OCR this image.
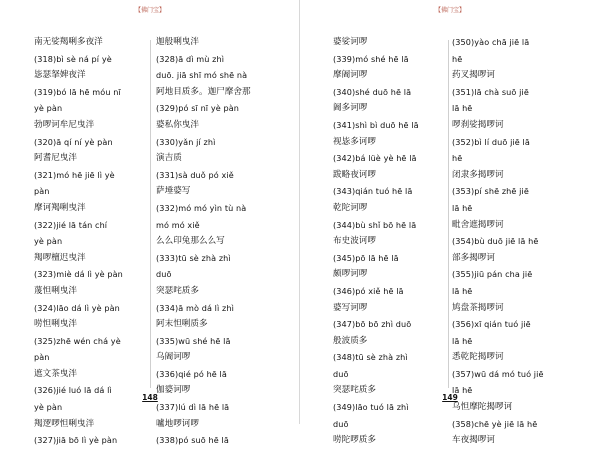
【佛门宝】
南无娑羯唎多夜洋
(318)bì sè ná pí yè
毖瑟拏婢夜洋
(319)bó lā hē móu nī
yè pàn
勃啰诃牟尼曳泮
(320)ā qí ní yè pàn
阿耆尼曳泮
(321)mó hē jiē lì yè
pàn
摩诃羯唎曳泮
(322)jié lā tán chí
yè pàn
羯啰檀迟曳泮
(323)miè dá lì yè pàn
蔑怛唎曳泮
(324)lāo dá lì yè pàn
唠怛唎曳泮
(325)zhē wén chá yè
pàn
遮文茶曳泮
(326)jié luó lā dá lì
yè pàn
羯逻啰怛唎曳泮
(327)jiā bō lì yè pàn
迦般唎曳泮
(328)ā dì mù zhì
duō. jiā shī mó shē nà
阿地目质多。迦尸摩舍那
(329)pó sī nī yè pàn
婆私你曳泮
(330)yǎn jí zhì
演吉质
(331)sà duǒ pó xiě
萨埵婆写
(332)mó mó yìn tù nà
mó mó xiě
么么印兔那么么写
(333)tū sè zhà zhì
duō
突瑟咤质多
(334)ā mò dá lì zhì
阿末怛唎质多
(335)wū shé hē lā
乌阇诃啰
(336)qié pó hē lā
伽婆诃啰
(337)lú dì lā hē lā
嚧地啰诃啰
(338)pó suō hē lā
148
【佛门宝】
婆娑诃啰
(339)mó shé hē lā
摩阇诃啰
(340)shé duō hē lā
阇多诃啰
(341)shì bì duō hē lā
视毖多诃啰
(342)bá lüè yè hē lā
跋略夜诃啰
(343)qián tuó hē lā
乾陀诃啰
(344)bù shǐ bō hē lā
布史波诃啰
(345)pō lā hē lā
颇啰诃啰
(346)pó xiě hē lā
婆写诃啰
(347)bō bō zhì duō
般波质多
(348)tū sè zhà zhì
duō
突瑟咤质多
(349)lāo tuó lā zhì
duō
唠陀啰质多
(350)yào chā jiē lā
hē
药叉揭啰诃
(351)lā chà suō jiē
lā hē
啰刹娑揭啰诃
(352)bì lí duō jiē lā
hē
闭隶多揭啰诃
(353)pí shē zhē jiē
lā hē
毗舍遮揭啰诃
(354)bù duō jiē lā hē
部多揭啰诃
(355)jiū pán cha jiē
lā hē
鸠盘茶揭啰诃
(356)xī qián tuó jiē
lā hē
悉乾陀揭啰诃
(357)wū dá mó tuó jiē
lā hē
乌怛摩陀揭啰诃
(358)chē yè jiē lā hē
车夜揭啰诃
149
